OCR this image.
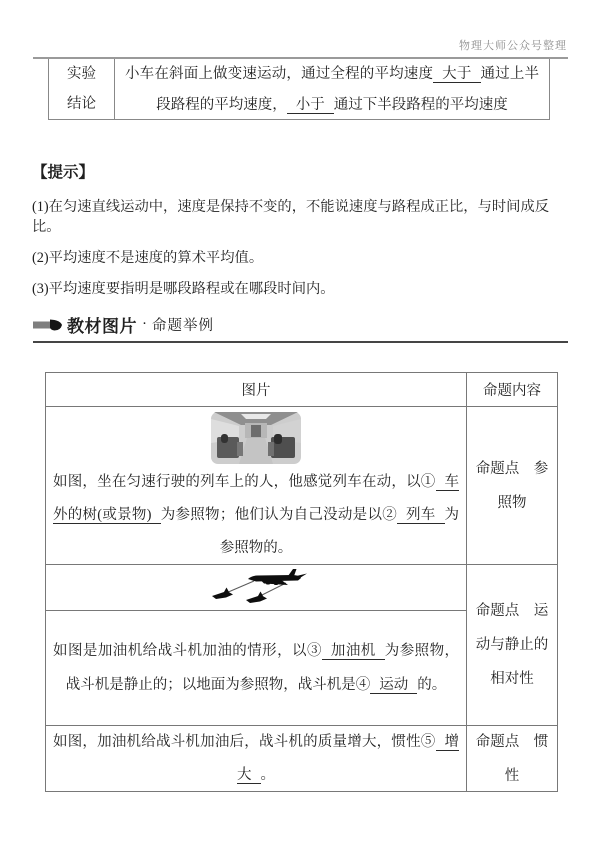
物理大师公众号整理
实验
结论
小车在斜面上做变速运动，通过全程的平均速度 大于 通过上半段路程的平均速度， 小于 通过下半段路程的平均速度
【提示】
(1)在匀速直线运动中，速度是保持不变的，不能说速度与路程成正比，与时间成反比。
(2)平均速度不是速度的算术平均值。
(3)平均速度要指明是哪段路程或在哪段时间内。
教材图片 · 命题举例
图片	命题内容
如图，坐在匀速行驶的列车上的人，他感觉列车在动，以① 车外的树(或景物) 为参照物；他们认为自己没动是以② 列车 为参照物的。
命题点　参照物
如图是加油机给战斗机加油的情形，以③ 加油机 为参照物，战斗机是静止的；以地面为参照物，战斗机是④ 运动 的。
命题点　运动与静止的相对性
如图，加油机给战斗机加油后，战斗机的质量增大，惯性⑤ 增大 。
命题点　惯性
